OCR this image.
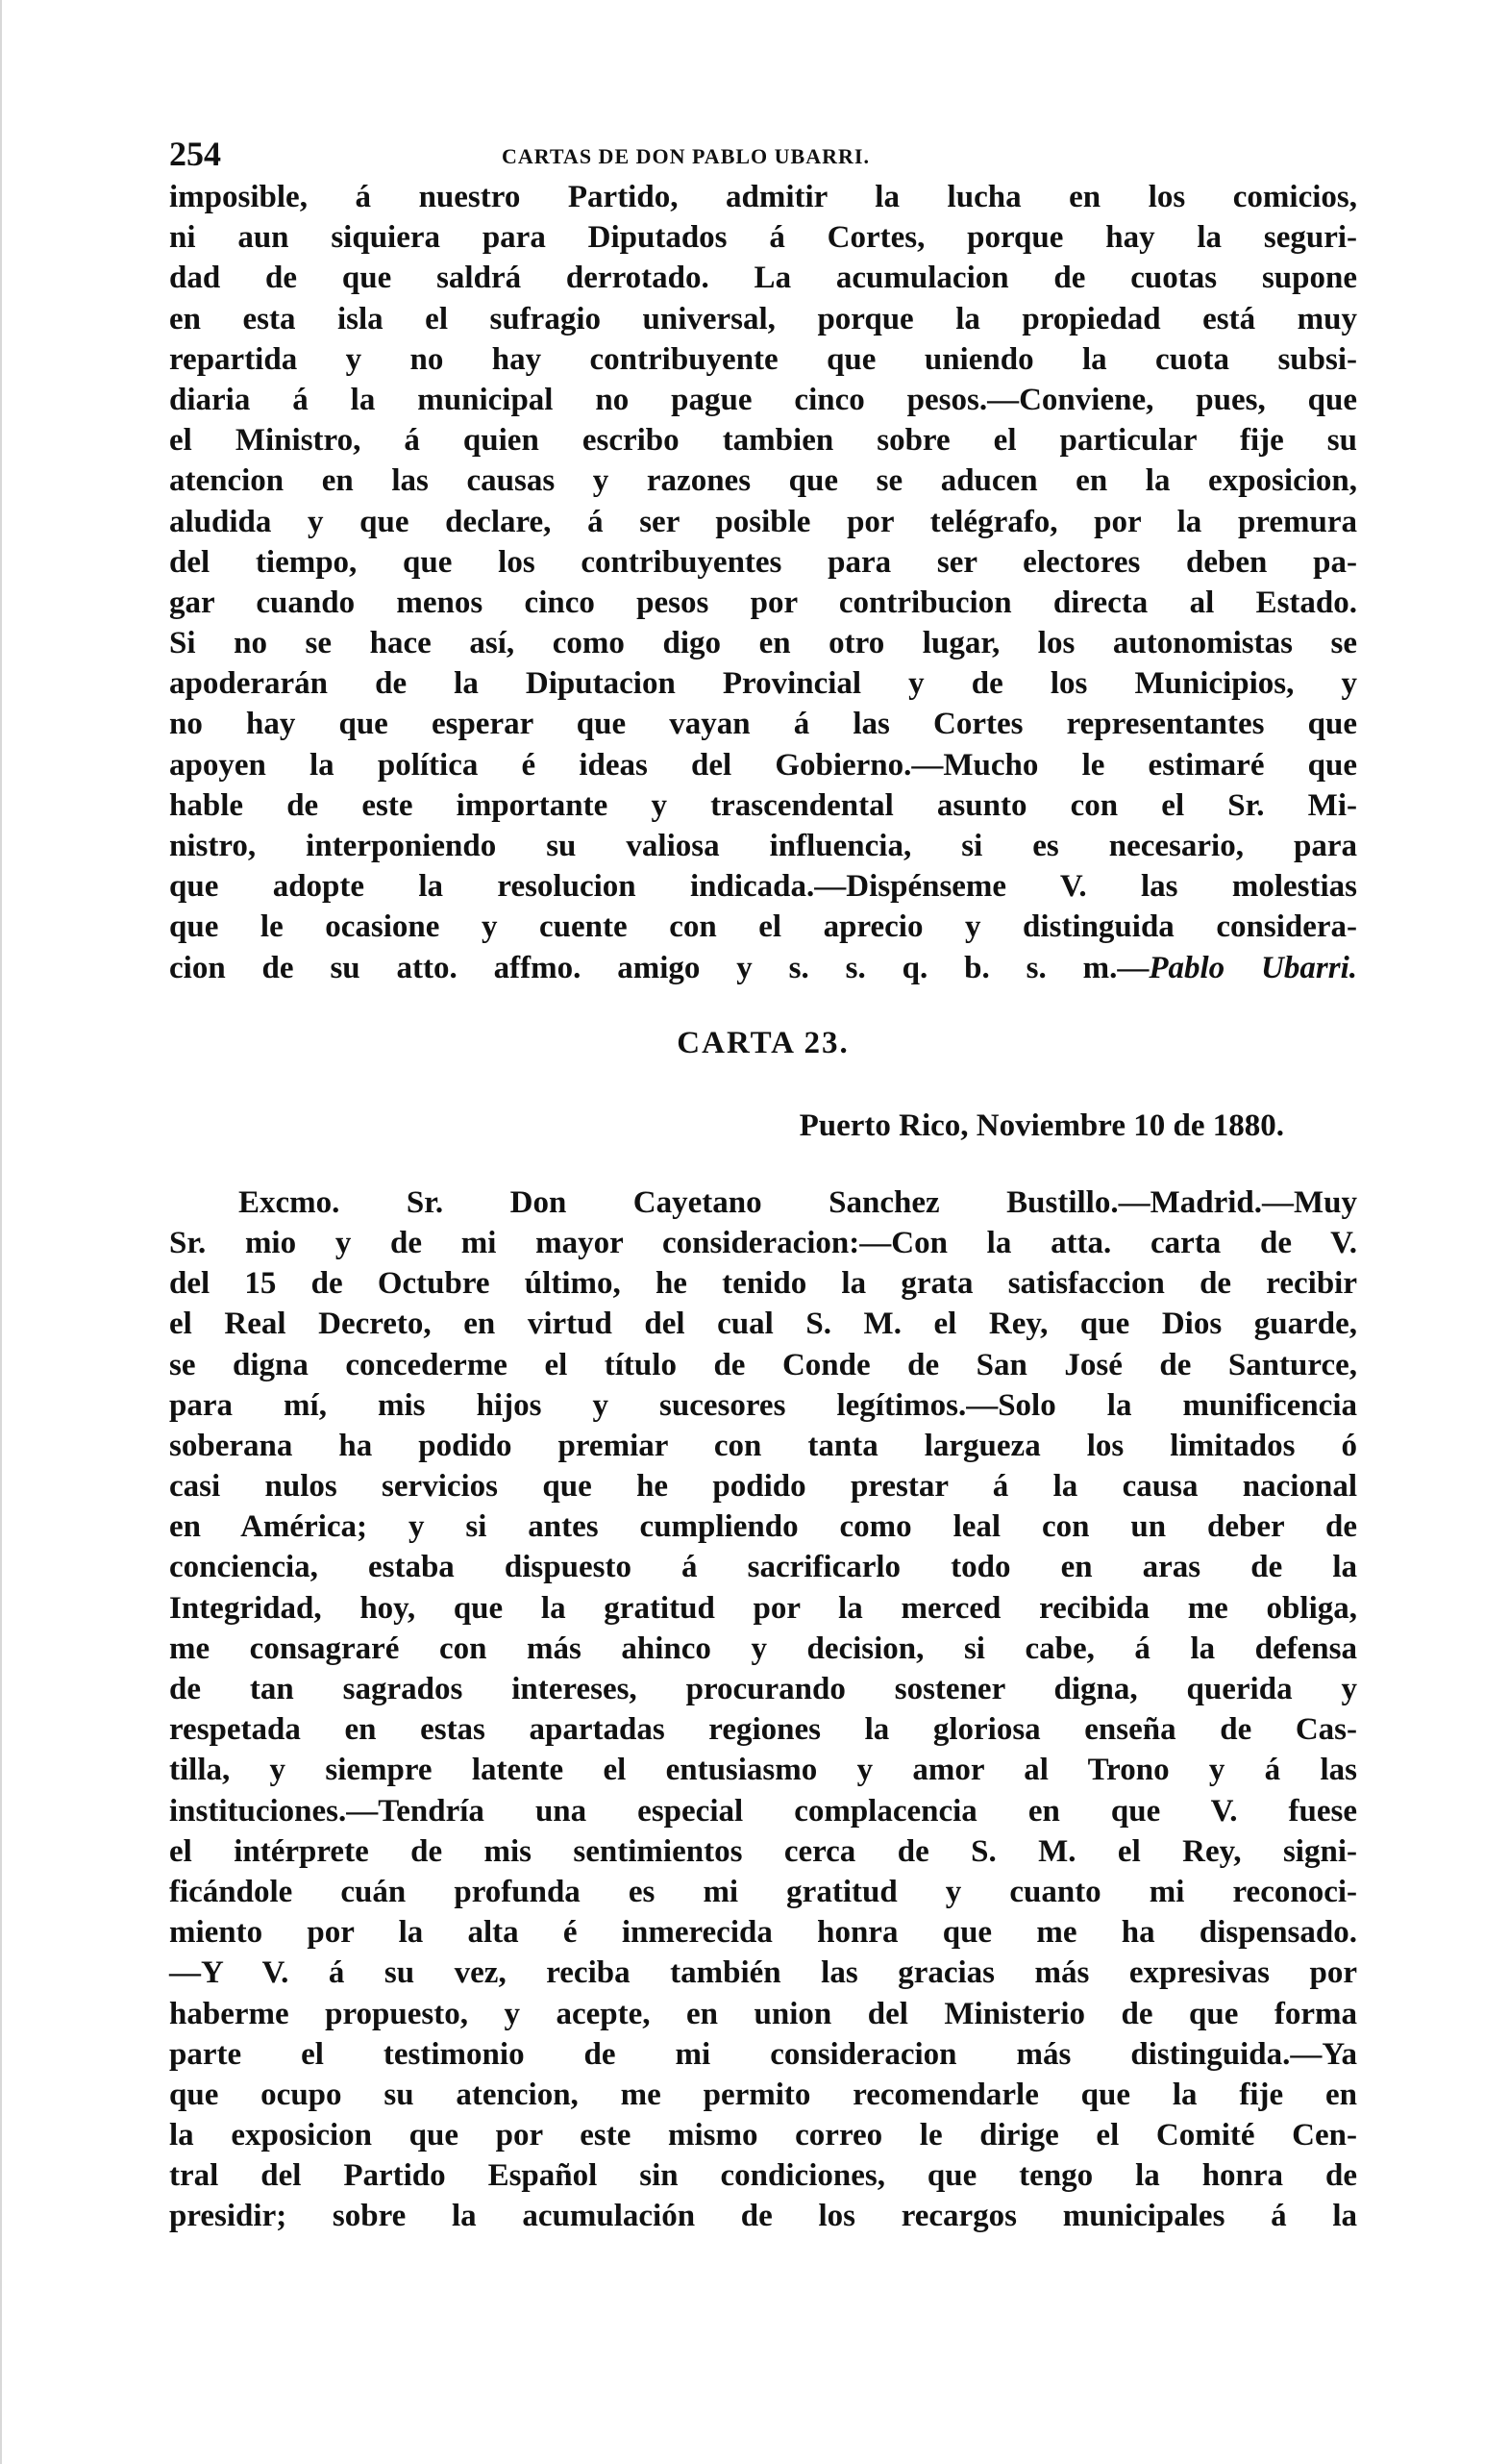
254	CARTAS DE DON PABLO UBARRI.
imposible, á nuestro Partido, admitir la lucha en los comicios,
ni aun siquiera para Diputados á Cortes, porque hay la seguri-
dad de que saldrá derrotado. La acumulacion de cuotas supone
en esta isla el sufragio universal, porque la propiedad está muy
repartida y no hay contribuyente que uniendo la cuota subsi-
diaria á la municipal no pague cinco pesos.—Conviene, pues, que
el Ministro, á quien escribo tambien sobre el particular fije su
atencion en las causas y razones que se aducen en la exposicion,
aludida y que declare, á ser posible por telégrafo, por la premura
del tiempo, que los contribuyentes para ser electores deben pa-
gar cuando menos cinco pesos por contribucion directa al Estado.
Si no se hace así, como digo en otro lugar, los autonomistas se
apoderarán de la Diputacion Provincial y de los Municipios, y
no hay que esperar que vayan á las Cortes representantes que
apoyen la política é ideas del Gobierno.—Mucho le estimaré que
hable de este importante y trascendental asunto con el Sr. Mi-
nistro, interponiendo su valiosa influencia, si es necesario, para
que adopte la resolucion indicada.—Dispénseme V. las molestias
que le ocasione y cuente con el aprecio y distinguida considera-
cion de su atto. affmo. amigo y s. s. q. b. s. m.—Pablo Ubarri.
CARTA 23.
Puerto Rico, Noviembre 10 de 1880.
Excmo. Sr. Don Cayetano Sanchez Bustillo.—Madrid.—Muy
Sr. mio y de mi mayor consideracion:—Con la atta. carta de V.
del 15 de Octubre último, he tenido la grata satisfaccion de recibir
el Real Decreto, en virtud del cual S. M. el Rey, que Dios guarde,
se digna concederme el título de Conde de San José de Santurce,
para mí, mis hijos y sucesores legítimos.—Solo la munificencia
soberana ha podido premiar con tanta largueza los limitados ó
casi nulos servicios que he podido prestar á la causa nacional
en América; y si antes cumpliendo como leal con un deber de
conciencia, estaba dispuesto á sacrificarlo todo en aras de la
Integridad, hoy, que la gratitud por la merced recibida me obliga,
me consagraré con más ahinco y decision, si cabe, á la defensa
de tan sagrados intereses, procurando sostener digna, querida y
respetada en estas apartadas regiones la gloriosa enseña de Cas-
tilla, y siempre latente el entusiasmo y amor al Trono y á las
instituciones.—Tendría una especial complacencia en que V. fuese
el intérprete de mis sentimientos cerca de S. M. el Rey, signi-
ficándole cuán profunda es mi gratitud y cuanto mi reconoci-
miento por la alta é inmerecida honra que me ha dispensado.
—Y V. á su vez, reciba también las gracias más expresivas por
haberme propuesto, y acepte, en union del Ministerio de que forma
parte el testimonio de mi consideracion más distinguida.—Ya
que ocupo su atencion, me permito recomendarle que la fije en
la exposicion que por este mismo correo le dirige el Comité Cen-
tral del Partido Español sin condiciones, que tengo la honra de
presidir; sobre la acumulación de los recargos municipales á la
